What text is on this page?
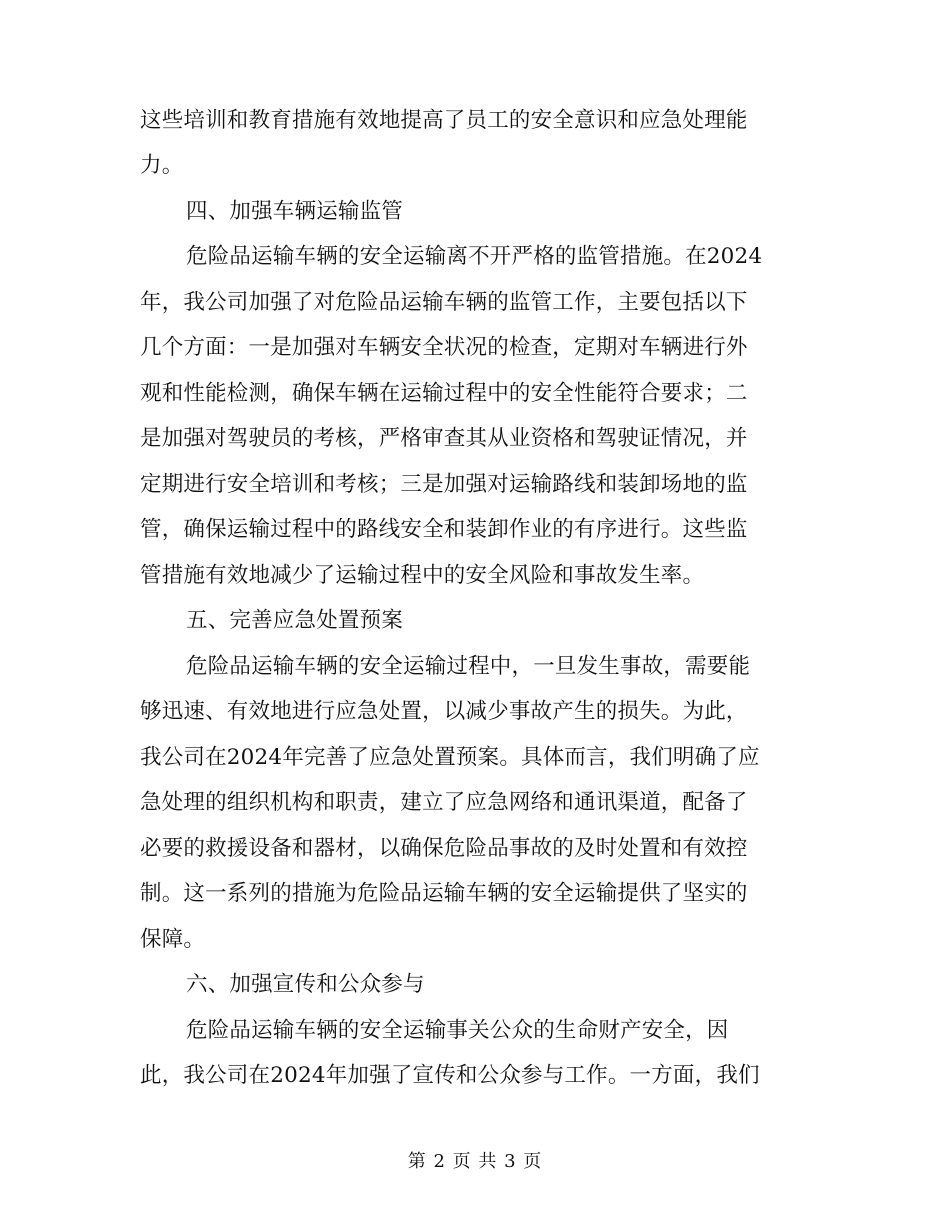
这些培训和教育措施有效地提高了员工的安全意识和应急处理能
力。
四、加强车辆运输监管
危险品运输车辆的安全运输离不开严格的监管措施。在2024
年，我公司加强了对危险品运输车辆的监管工作，主要包括以下
几个方面：一是加强对车辆安全状况的检查，定期对车辆进行外
观和性能检测，确保车辆在运输过程中的安全性能符合要求；二
是加强对驾驶员的考核，严格审查其从业资格和驾驶证情况，并
定期进行安全培训和考核；三是加强对运输路线和装卸场地的监
管，确保运输过程中的路线安全和装卸作业的有序进行。这些监
管措施有效地减少了运输过程中的安全风险和事故发生率。
五、完善应急处置预案
危险品运输车辆的安全运输过程中，一旦发生事故，需要能
够迅速、有效地进行应急处置，以减少事故产生的损失。为此，
我公司在2024年完善了应急处置预案。具体而言，我们明确了应
急处理的组织机构和职责，建立了应急网络和通讯渠道，配备了
必要的救援设备和器材，以确保危险品事故的及时处置和有效控
制。这一系列的措施为危险品运输车辆的安全运输提供了坚实的
保障。
六、加强宣传和公众参与
危险品运输车辆的安全运输事关公众的生命财产安全，因
此，我公司在2024年加强了宣传和公众参与工作。一方面，我们
第 2 页 共 3 页
